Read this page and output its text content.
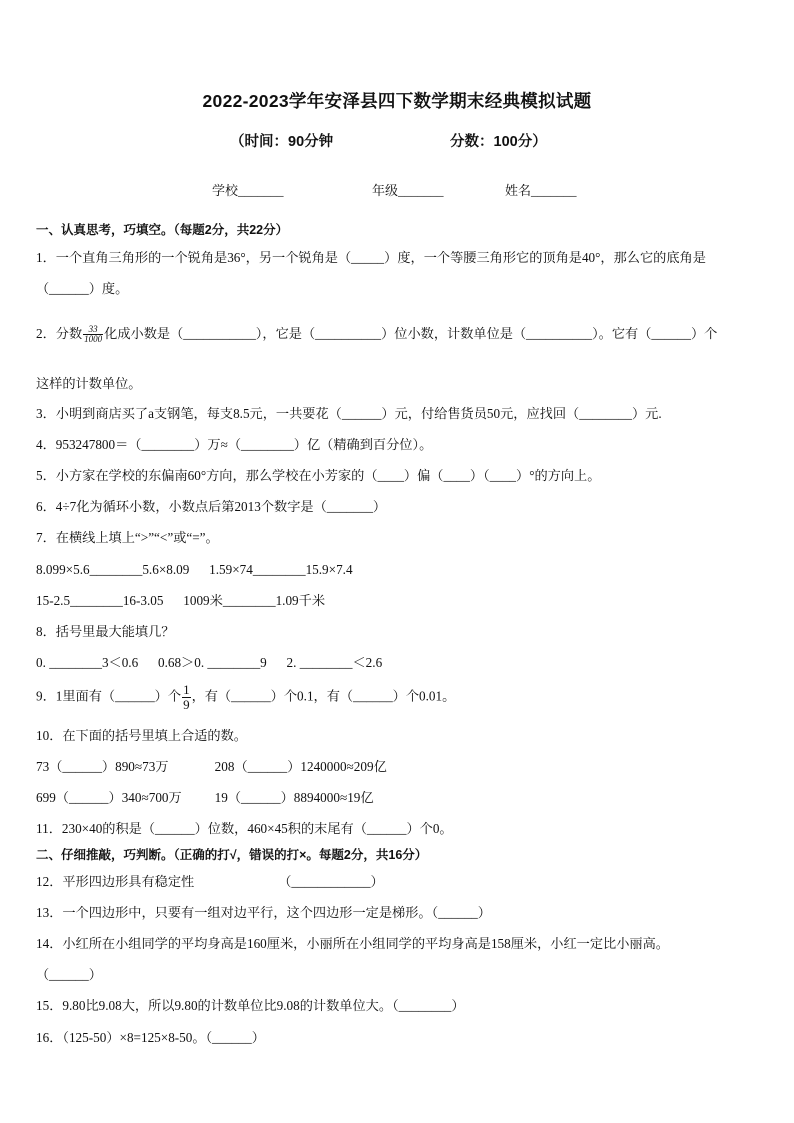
2022-2023学年安泽县四下数学期末经典模拟试题
（时间：90分钟	分数：100分）
学校_______	年级_______	姓名_______
一、认真思考，巧填空。（每题2分，共22分）
1．一个直角三角形的一个锐角是36°，另一个锐角是（_____）度，一个等腰三角形它的顶角是40°，那么它的底角是
（______）度。
2．分数 $\frac{33}{1000}$ 化成小数是（___________），它是（__________）位小数，计数单位是（__________）。它有（______）个
这样的计数单位。
3．小明到商店买了a支钢笔，每支8.5元，一共要花（______）元，付给售货员50元，应找回（________）元.
4．953247800＝（________）万≈（________）亿（精确到百分位）。
5．小方家在学校的东偏南60°方向，那么学校在小芳家的（____）偏（____）（____）°的方向上。
6．4÷7化为循环小数，小数点后第2013个数字是（_______）
7．在横线上填上“>”“<”或“=”。
8.099×5.6________5.6×8.09      1.59×74________15.9×7.4
15-2.5________16-3.05      1009米________1.09千米
8．括号里最大能填几？
0. ________3＜0.6      0.68＞0. ________9      2. ________＜2.6
9．1里面有（______）个 $\frac{1}{9}$ ，有（______）个0.1，有（______）个0.01。
10．在下面的括号里填上合适的数。
73（______）890≈73万              208（______）1240000≈209亿
699（______）340≈700万          19（______）8894000≈19亿
11．230×40的积是（______）位数，460×45积的末尾有（______）个0。
二、仔细推敲，巧判断。（正确的打√，错误的打×。每题2分，共16分）
12．平形四边形具有稳定性	（____________）
13．一个四边形中，只要有一组对边平行，这个四边形一定是梯形。（______）
14．小红所在小组同学的平均身高是160厘米，小丽所在小组同学的平均身高是158厘米，小红一定比小丽高。
（______）
15．9.80比9.08大，所以9.80的计数单位比9.08的计数单位大。（________）
16．（125-50）×8=125×8-50。（______）
